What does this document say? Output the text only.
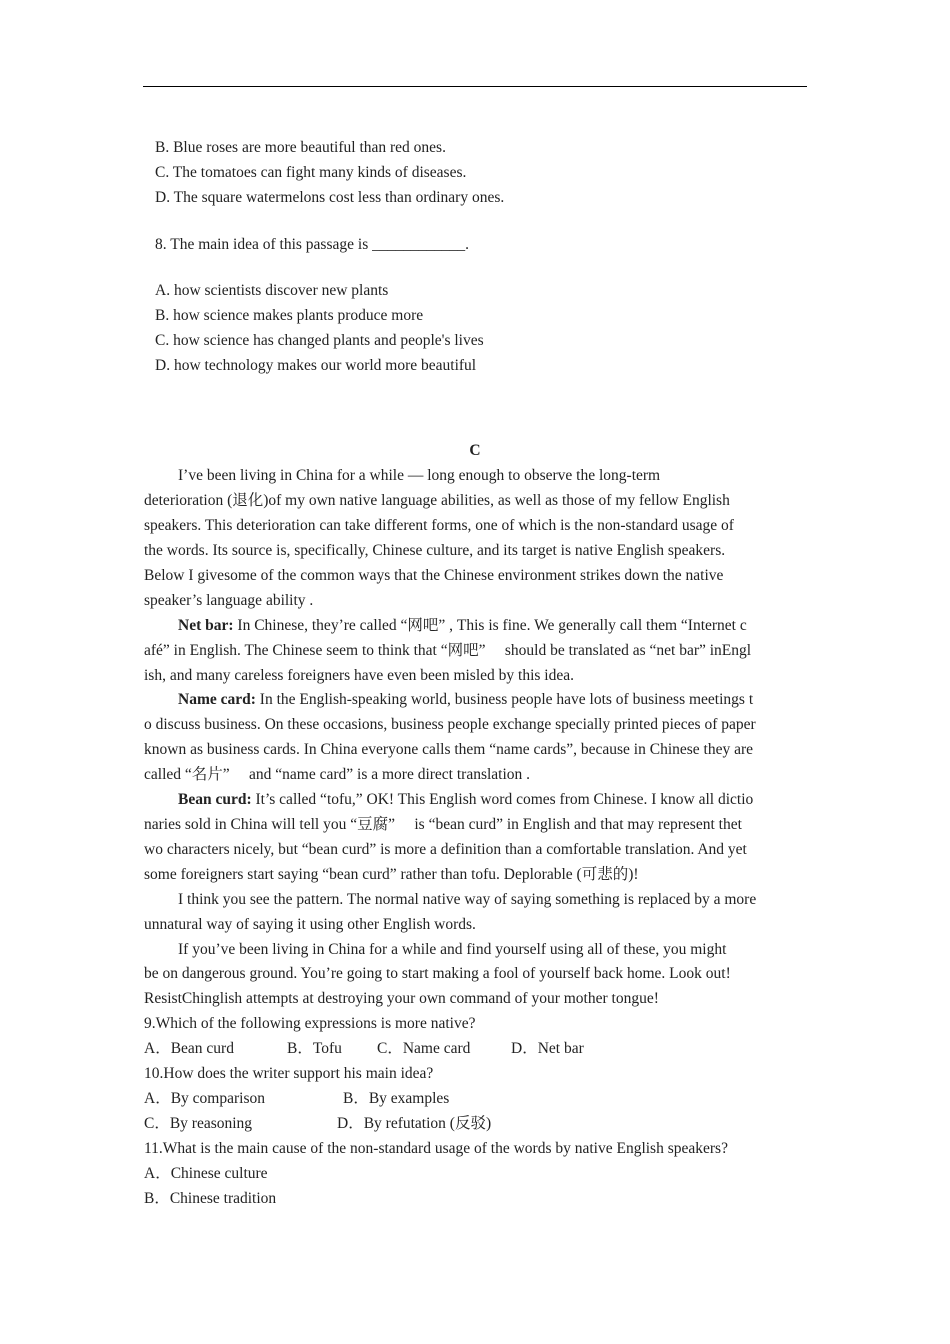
B. Blue roses are more beautiful than red ones.
C. The tomatoes can fight many kinds of diseases.
D. The square watermelons cost less than ordinary ones.
8. The main idea of this passage is ____________.
A. how scientists discover new plants
B. how science makes plants produce more
C. how science has changed plants and people's lives
D. how technology makes our world more beautiful
C
I’ve been living in China for a while — long enough to observe the long-term
deterioration (退化)of my own native language abilities, as well as those of my fellow English
speakers. This deterioration can take different forms, one of which is the non-standard usage of
the words. Its source is, specifically, Chinese culture, and its target is native English speakers.
Below I givesome of the common ways that the Chinese environment strikes down the native
speaker’s language ability .
Net bar: In Chinese, they’re called “网吧” , This is fine. We generally call them “Internet c
afé” in English. The Chinese seem to think that “网吧”     should be translated as “net bar” inEngl
ish, and many careless foreigners have even been misled by this idea.
Name card: In the English-speaking world, business people have lots of business meetings t
o discuss business. On these occasions, business people exchange specially printed pieces of paper
known as business cards. In China everyone calls them “name cards”, because in Chinese they are
called “名片”     and “name card” is a more direct translation .
Bean curd: It’s called “tofu,” OK! This English word comes from Chinese. I know all dictio
naries sold in China will tell you “豆腐”     is “bean curd” in English and that may represent thet
wo characters nicely, but “bean curd” is more a definition than a comfortable translation. And yet
some foreigners start saying “bean curd” rather than tofu. Deplorable (可悲的)!
I think you see the pattern. The normal native way of saying something is replaced by a more
unnatural way of saying it using other English words.
If you’ve been living in China for a while and find yourself using all of these, you might
be on dangerous ground. You’re going to start making a fool of yourself back home. Look out!
ResistChinglish attempts at destroying your own command of your mother tongue!
9.Which of the following expressions is more native?
A．Bean curd	B．Tofu C．Name card	D．Net bar
10.How does the writer support his main idea?
A．By comparison	B．By examples
C．By reasoning	D．By refutation (反驳)
11.What is the main cause of the non-standard usage of the words by native English speakers?
A．Chinese culture
B．Chinese tradition
